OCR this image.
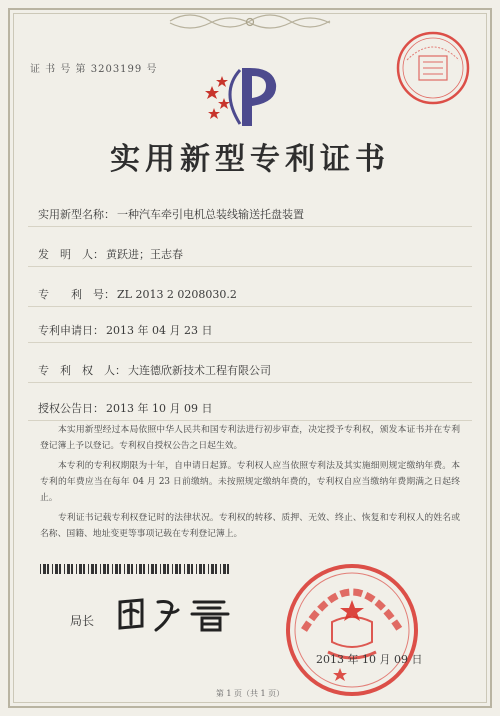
证 书 号 第 3203199 号
实用新型专利证书
实用新型名称： 一种汽车牵引电机总装线输送托盘装置
发　明　人： 黄跃进；王志春
专　　利　号： ZL 2013 2 0208030.2
专利申请日： 2013 年 04 月 23 日
专　利　权　人： 大连德欣新技术工程有限公司
授权公告日： 2013 年 10 月 09 日

本实用新型经过本局依照中华人民共和国专利法进行初步审查，决定授予专利权，颁发本证书并在专利登记簿上予以登记。专利权自授权公告之日起生效。

本专利的专利权期限为十年，自申请日起算。专利权人应当依照专利法及其实施细则规定缴纳年费。本专利的年费应当在每年 04 月 23 日前缴纳。未按照规定缴纳年费的，专利权自应当缴纳年费期满之日起终止。

专利证书记载专利权登记时的法律状况。专利权的转移、质押、无效、终止、恢复和专利权人的姓名或名称、国籍、地址变更等事项记载在专利登记簿上。

局长
2013 年 10 月 09 日
第 1 页（共 1 页）
